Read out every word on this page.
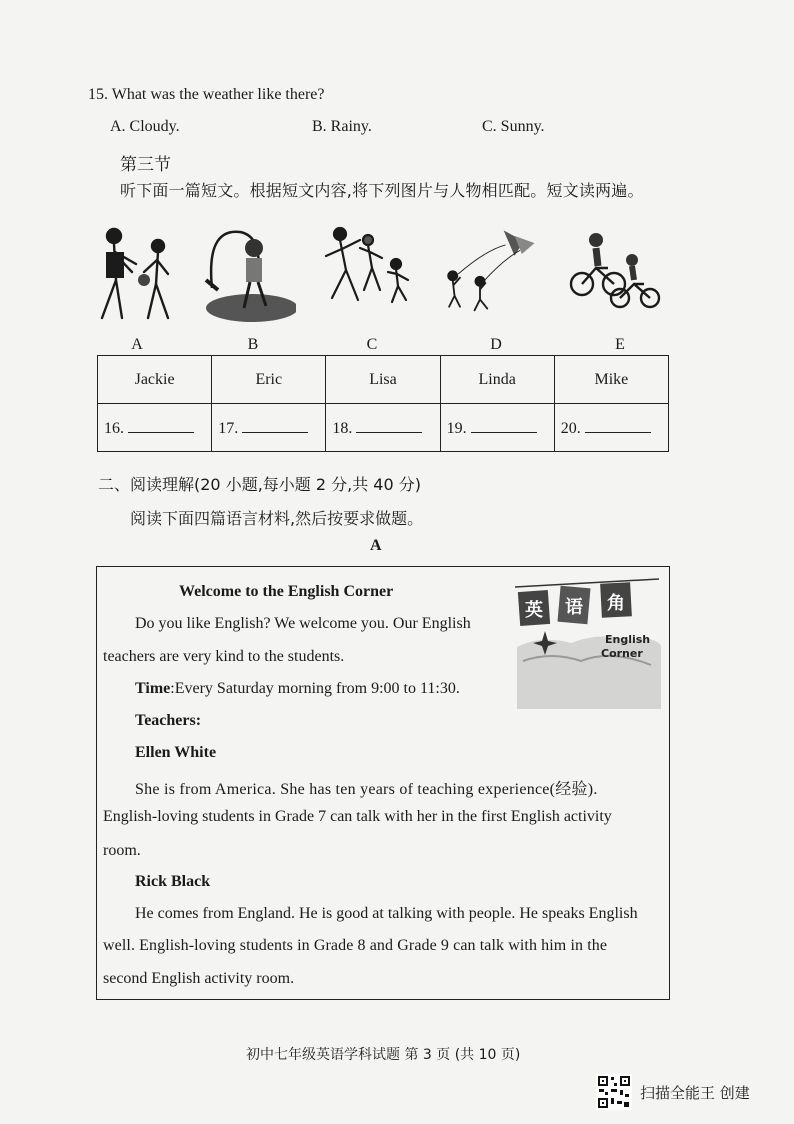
15. What was the weather like there?
A. Cloudy.	B. Rainy.	C. Sunny.
第三节
听下面一篇短文。根据短文内容,将下列图片与人物相匹配。短文读两遍。
A	B	C	D	E
Jackie	Eric	Lisa	Linda	Mike
16.	17.	18.	19.	20.
二、阅读理解(20 小题,每小题 2 分,共 40 分)
阅读下面四篇语言材料,然后按要求做题。
A
Welcome to the English Corner
Do you like English? We welcome you. Our English
teachers are very kind to the students.
Time:Every Saturday morning from 9:00 to 11:30.
Teachers:
Ellen White
She is from America. She has ten years of teaching experience(经验).
English-loving students in Grade 7 can talk with her in the first English activity
room.
Rick Black
He comes from England. He is good at talking with people. He speaks English
well. English-loving students in Grade 8 and Grade 9 can talk with him in the
second English activity room.
英 语 角
English
Corner
初中七年级英语学科试题 第 3 页 (共 10 页)
扫描全能王 创建
